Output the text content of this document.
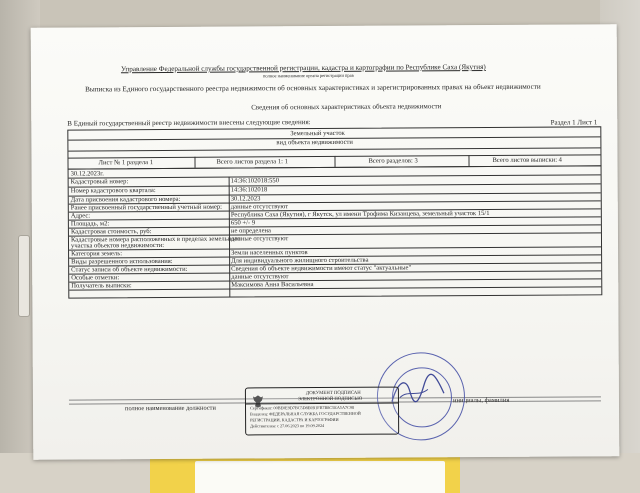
Управление Федеральной службы государственной регистрации, кадастра и картографии по Республике Саха (Якутия)
полное наименование органа регистрации прав
Выписка из Единого государственного реестра недвижимости об основных характеристиках и зарегистрированных правах на объект недвижимости
Сведения об основных характеристиках объекта недвижимости
В Единый государственный реестр недвижимости внесены следующие сведения:	Раздел 1 Лист 1
Земельный участок
вид объекта недвижимости
Лист № 1 раздела 1	Всего листов раздела 1: 1	Всего разделов: 3	Всего листов выписки: 4
30.12.2023г.
Кадастровый номер:	14:36:102018:550
Номер кадастрового квартала:	14:36:102018
Дата присвоения кадастрового номера:	30.12.2023
Ранее присвоенный государственный учетный номер: данные отсутствуют
Адрес:	Республика Саха (Якутия), г Якутск, ул имени Трофима Кизанцева, земельный участок 15/1
Площадь, м2:	650 +/- 9
Кадастровая стоимость, руб:	не определена
Кадастровые номера расположенных в пределах земельного
участка объектов недвижимости:
данные отсутствуют
Категория земель:	Земли населенных пунктов
Виды разрешенного использования:	Для индивидуального жилищного строительства
Статус записи об объекте недвижимости:	Сведения об объекте недвижимости имеют статус "актуальные"
Особые отметки:	данные отсутствуют
Получатель выписки:	Максимова Анна Васильевна
полное наименование должности
инициалы, фамилия
ДОКУМЕНТ ПОДПИСАН
ЭЛЕКТРОННОЙ ПОДПИСЬЮ
Сертификат: 00BE0E9D7BC5D8E0B1FB7B8C5EA5A7C98
Владелец: ФЕДЕРАЛЬНАЯ СЛУЖБА ГОСУДАРСТВЕННОЙ
РЕГИСТРАЦИИ, КАДАСТРА И КАРТОГРАФИИ
Действителен: с 27.06.2023 по 19.09.2024
